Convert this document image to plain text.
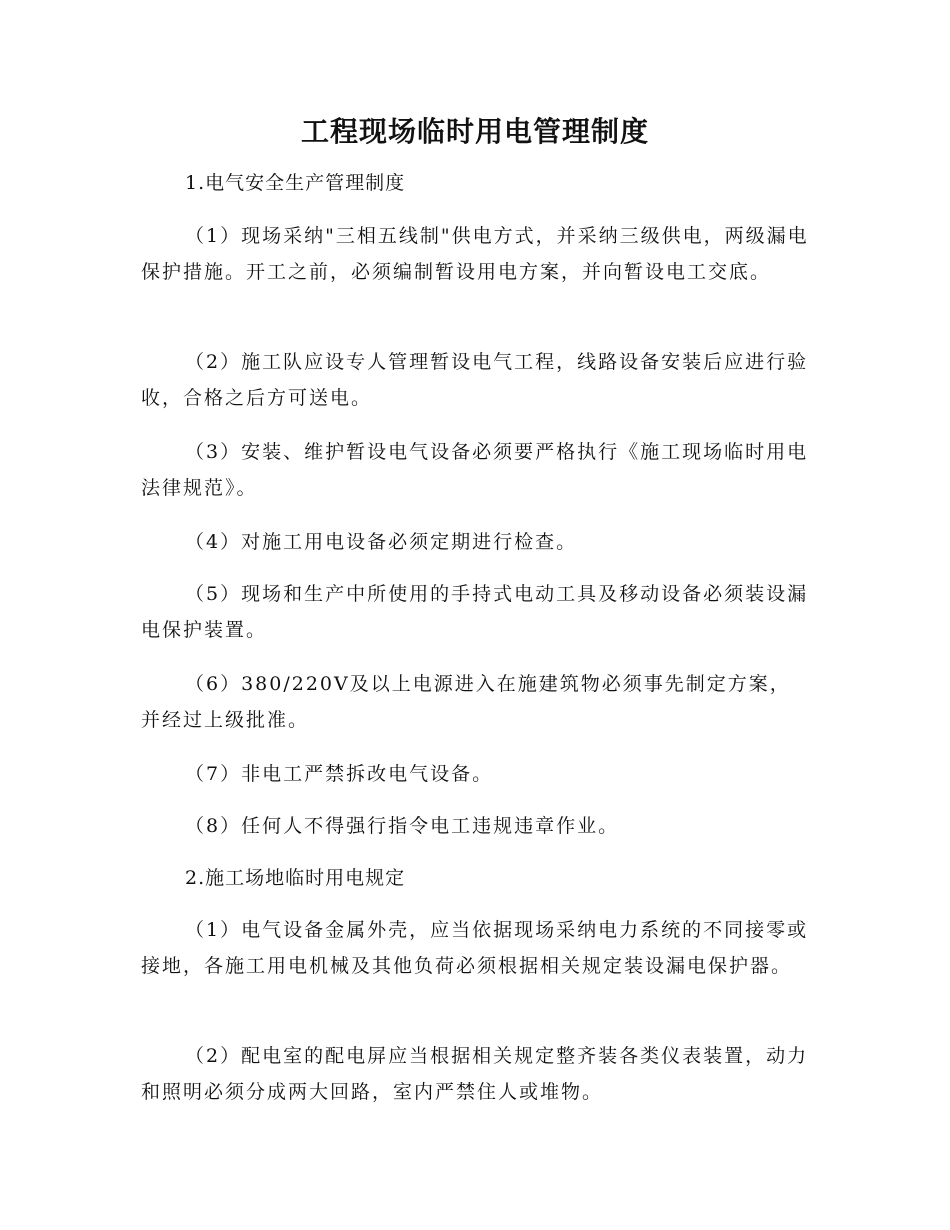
工程现场临时用电管理制度

1.电气安全生产管理制度

（1）现场采纳"三相五线制"供电方式，并采纳三级供电，两级漏电保护措施。开工之前，必须编制暂设用电方案，并向暂设电工交底。

（2）施工队应设专人管理暂设电气工程，线路设备安装后应进行验收，合格之后方可送电。

（3）安装、维护暂设电气设备必须要严格执行《施工现场临时用电法律规范》。

（4）对施工用电设备必须定期进行检查。

（5）现场和生产中所使用的手持式电动工具及移动设备必须装设漏电保护装置。

（6）380/220V及以上电源进入在施建筑物必须事先制定方案，并经过上级批准。

（7）非电工严禁拆改电气设备。

（8）任何人不得强行指令电工违规违章作业。

2.施工场地临时用电规定

（1）电气设备金属外壳，应当依据现场采纳电力系统的不同接零或接地，各施工用电机械及其他负荷必须根据相关规定装设漏电保护器。

（2）配电室的配电屏应当根据相关规定整齐装各类仪表装置，动力和照明必须分成两大回路，室内严禁住人或堆物。
